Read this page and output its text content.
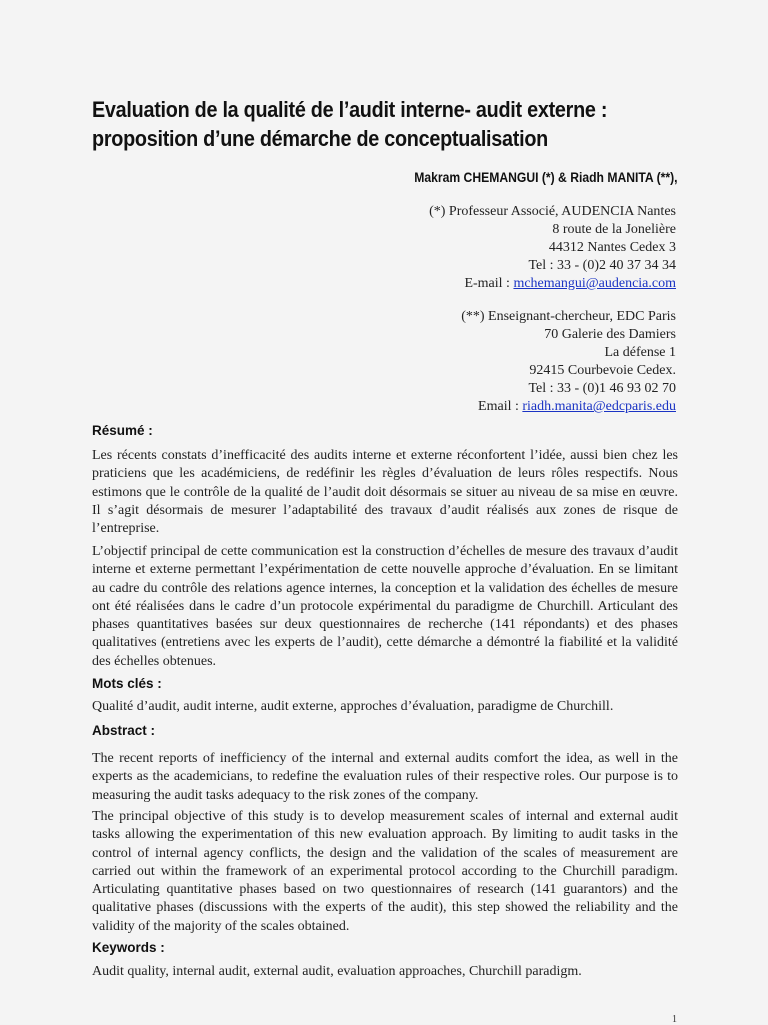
Evaluation de la qualité de l’audit interne- audit externe : proposition d’une démarche de conceptualisation
Makram CHEMANGUI (*) & Riadh MANITA (**),
(*) Professeur Associé, AUDENCIA Nantes
8 route de la Jonelière
44312 Nantes Cedex 3
Tel : 33 - (0)2 40 37 34 34
E-mail : mchemangui@audencia.com
(**) Enseignant-chercheur, EDC Paris
70 Galerie des Damiers
La défense 1
92415 Courbevoie Cedex.
Tel : 33 - (0)1 46 93 02 70
Email : riadh.manita@edcparis.edu
Résumé :
Les récents constats d’inefficacité des audits interne et externe réconfortent l’idée, aussi bien chez les praticiens que les académiciens, de redéfinir les règles d’évaluation de leurs rôles respectifs. Nous estimons que le contrôle de la qualité de l’audit doit désormais se situer au niveau de sa mise en œuvre. Il s’agit désormais de mesurer l’adaptabilité des travaux d’audit réalisés aux zones de risque de l’entreprise.
L’objectif principal de cette communication est la construction d’échelles de mesure des travaux d’audit interne et externe permettant l’expérimentation de cette nouvelle approche d’évaluation. En se limitant au cadre du contrôle des relations agence internes, la conception et la validation des échelles de mesure ont été réalisées dans le cadre d’un protocole expérimental du paradigme de Churchill. Articulant des phases quantitatives basées sur deux questionnaires de recherche (141 répondants) et des phases qualitatives (entretiens avec les experts de l’audit), cette démarche a démontré la fiabilité et la validité des échelles obtenues.
Mots clés :
Qualité d’audit, audit interne, audit externe, approches d’évaluation, paradigme de Churchill.
Abstract :
The recent reports of inefficiency of the internal and external audits comfort the idea, as well in the experts as the academicians, to redefine the evaluation rules of their respective roles. Our purpose is to measuring the audit tasks adequacy to the risk zones of the company.
The principal objective of this study is to develop measurement scales of internal and external audit tasks allowing the experimentation of this new evaluation approach. By limiting to audit tasks in the control of internal agency conflicts, the design and the validation of the scales of measurement are carried out within the framework of an experimental protocol according to the Churchill paradigm. Articulating quantitative phases based on two questionnaires of research (141 guarantors) and the qualitative phases (discussions with the experts of the audit), this step showed the reliability and the validity of the majority of the scales obtained.
Keywords :
Audit quality, internal audit, external audit, evaluation approaches, Churchill paradigm.
1
